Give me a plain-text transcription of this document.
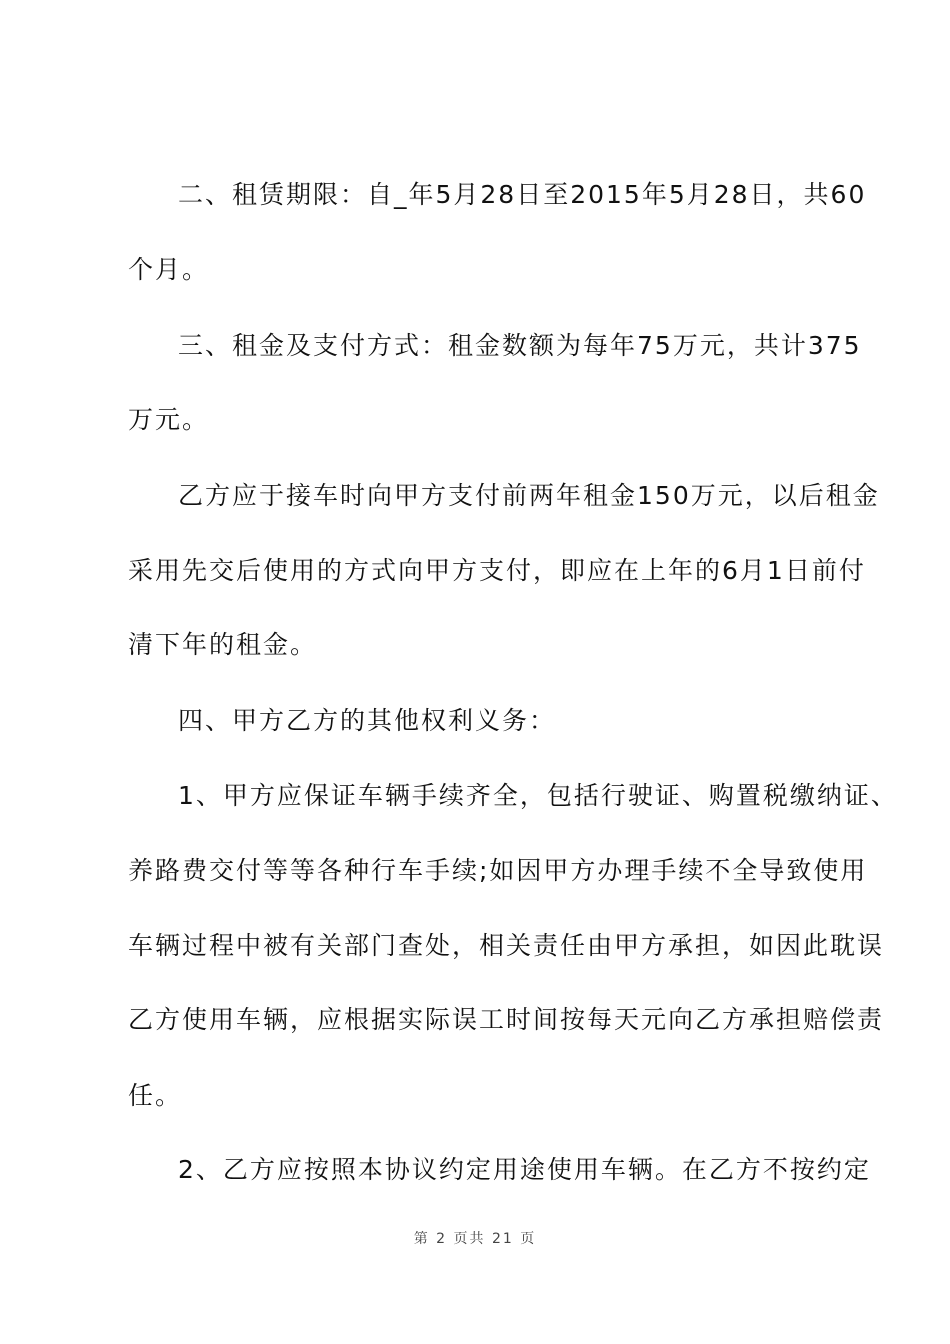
二、租赁期限：自_年5月28日至2015年5月28日，共60
个月。
三、租金及支付方式：租金数额为每年75万元，共计375
万元。
乙方应于接车时向甲方支付前两年租金150万元，以后租金
采用先交后使用的方式向甲方支付，即应在上年的6月1日前付
清下年的租金。
四、甲方乙方的其他权利义务：
1、甲方应保证车辆手续齐全，包括行驶证、购置税缴纳证、
养路费交付等等各种行车手续;如因甲方办理手续不全导致使用
车辆过程中被有关部门查处，相关责任由甲方承担，如因此耽误
乙方使用车辆，应根据实际误工时间按每天元向乙方承担赔偿责
任。
2、乙方应按照本协议约定用途使用车辆。在乙方不按约定
第 2 页共 21 页
